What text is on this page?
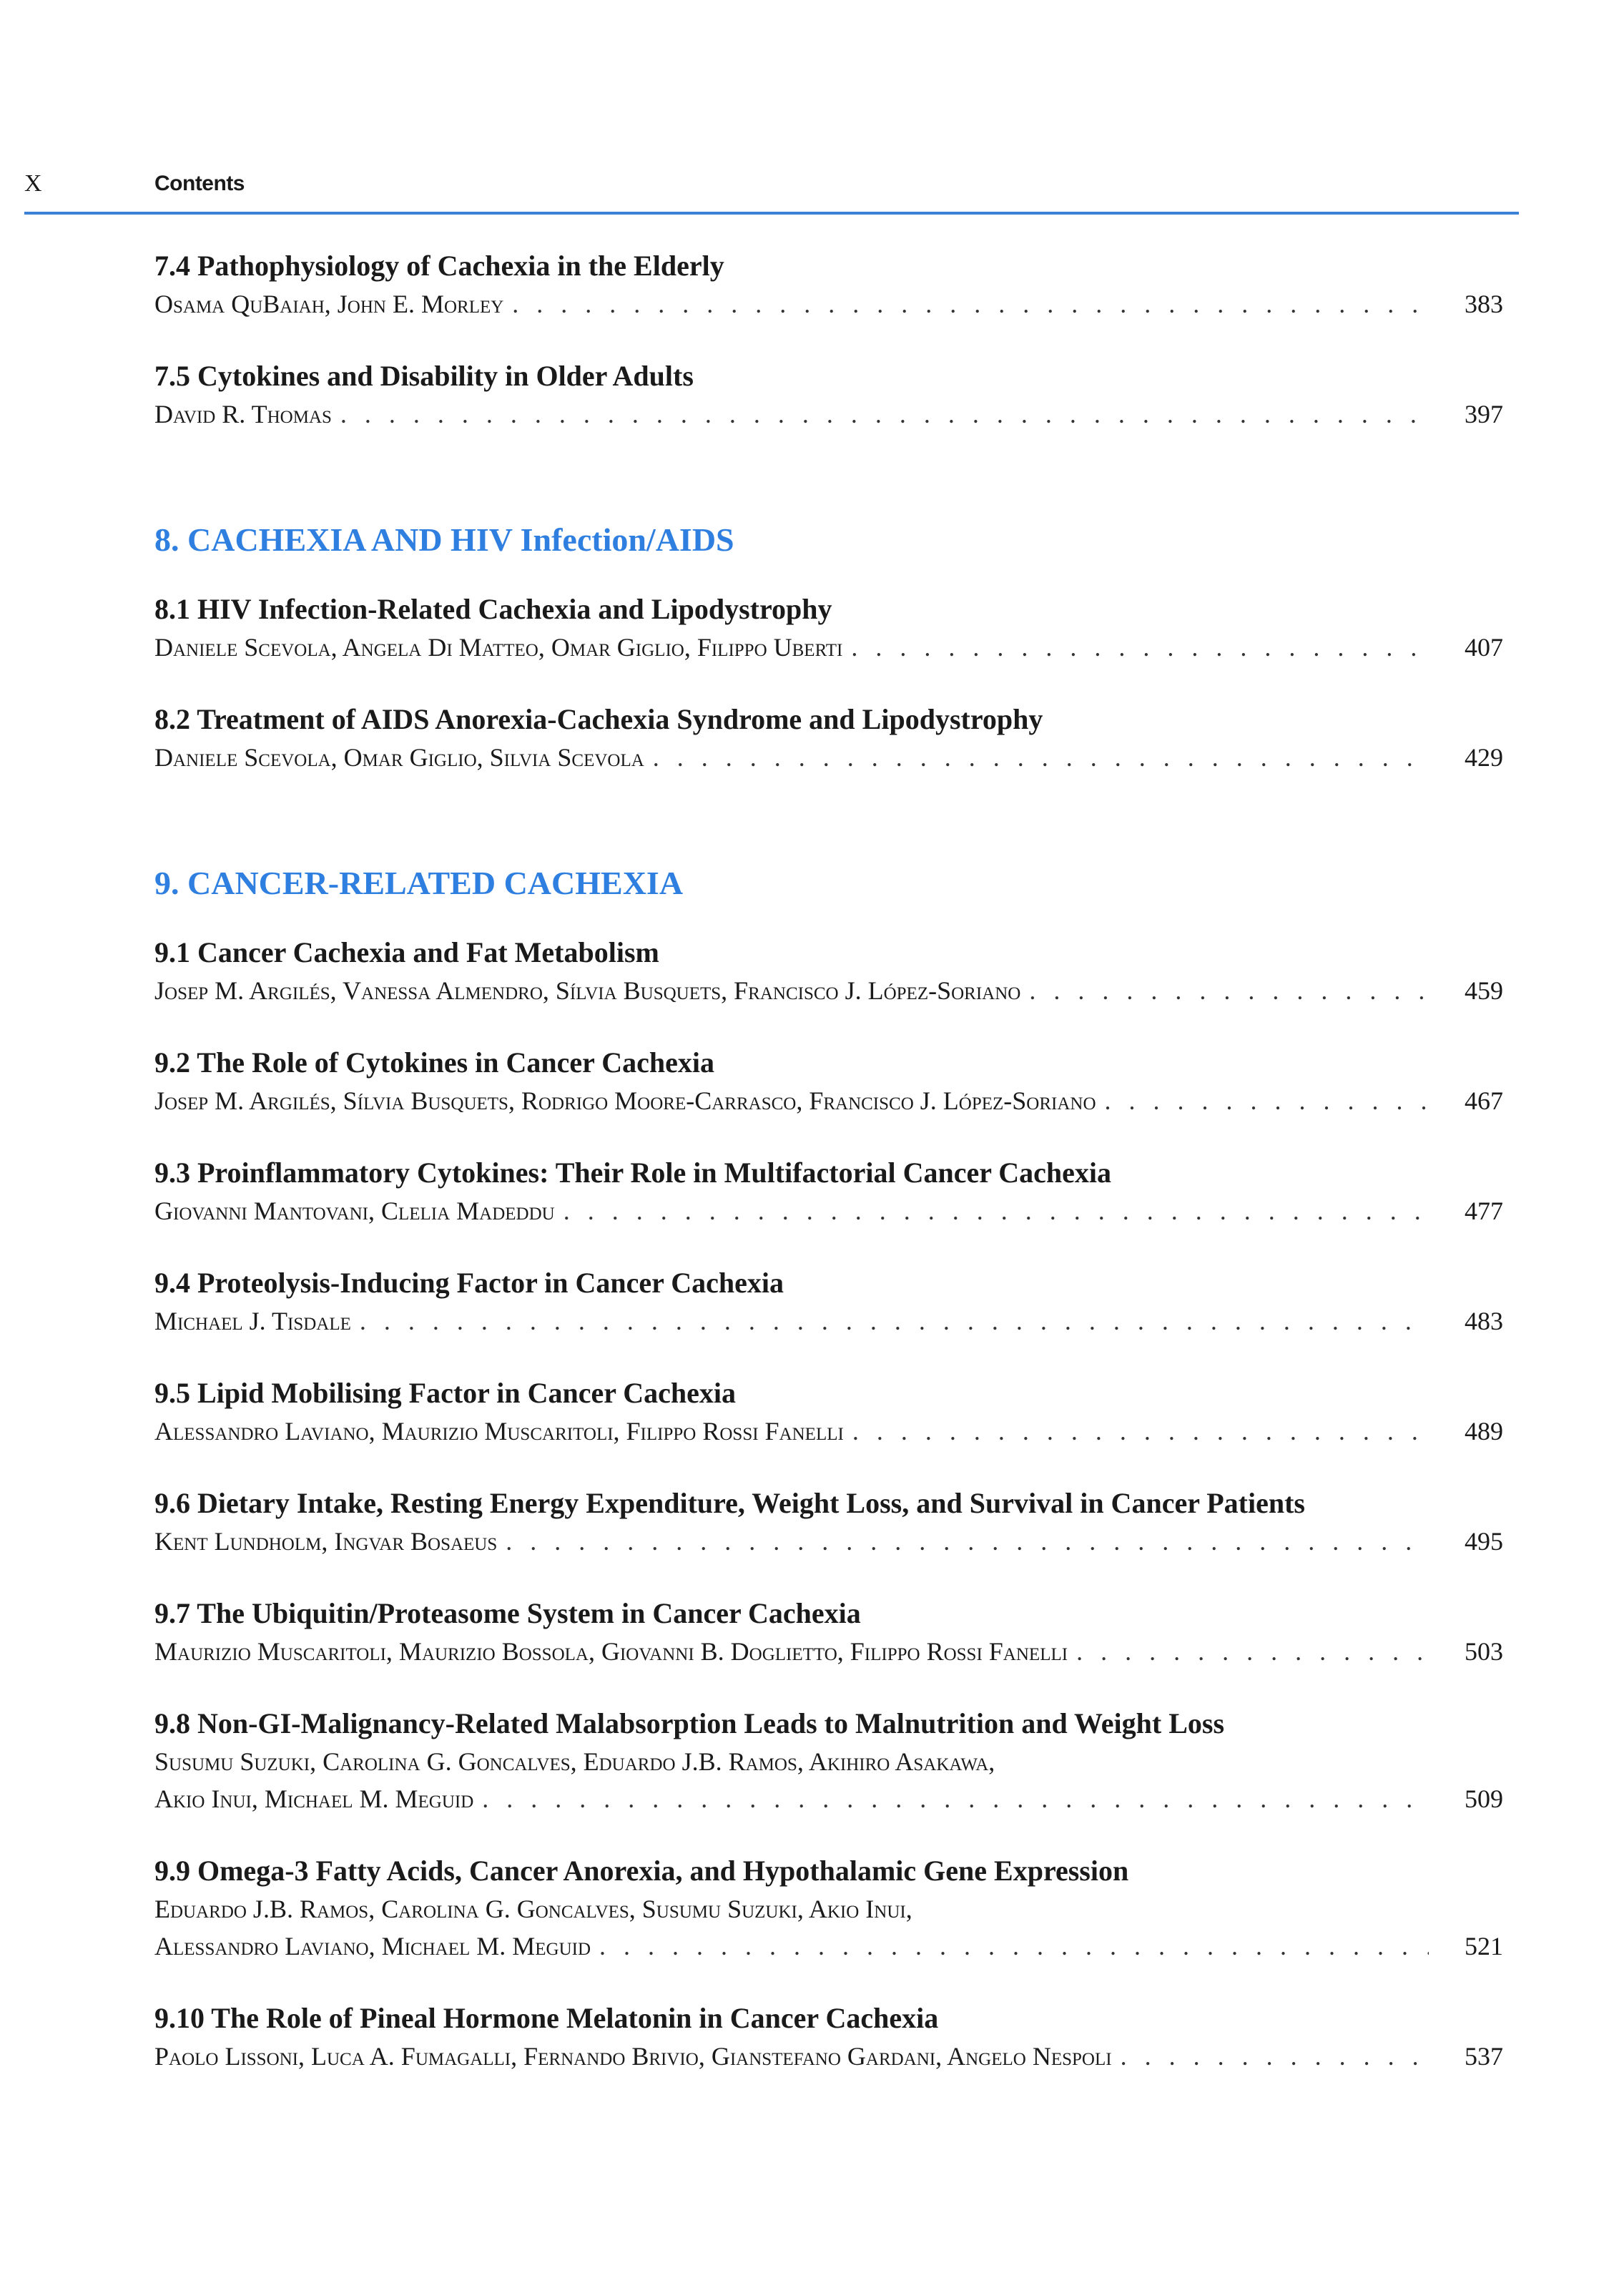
X	Contents
7.4 Pathophysiology of Cachexia in the Elderly
Osama QuBaiah, John E. Morley . . .	383
7.5 Cytokines and Disability in Older Adults
David R. Thomas . . .	397
8. CACHEXIA AND HIV Infection/AIDS
8.1 HIV Infection-Related Cachexia and Lipodystrophy
Daniele Scevola, Angela Di Matteo, Omar Giglio, Filippo Uberti . . .	407
8.2 Treatment of AIDS Anorexia-Cachexia Syndrome and Lipodystrophy
Daniele Scevola, Omar Giglio, Silvia Scevola . . .	429
9. CANCER-RELATED CACHEXIA
9.1 Cancer Cachexia and Fat Metabolism
Josep M. Argilés, Vanessa Almendro, Sílvia Busquets, Francisco J. López-Soriano . . .	459
9.2 The Role of Cytokines in Cancer Cachexia
Josep M. Argilés, Sílvia Busquets, Rodrigo Moore-Carrasco, Francisco J. López-Soriano . . .	467
9.3 Proinflammatory Cytokines: Their Role in Multifactorial Cancer Cachexia
Giovanni Mantovani, Clelia Madeddu . . .	477
9.4 Proteolysis-Inducing Factor in Cancer Cachexia
Michael J. Tisdale . . .	483
9.5 Lipid Mobilising Factor in Cancer Cachexia
Alessandro Laviano, Maurizio Muscaritoli, Filippo Rossi Fanelli . . .	489
9.6 Dietary Intake, Resting Energy Expenditure, Weight Loss, and Survival in Cancer Patients
Kent Lundholm, Ingvar Bosaeus . . .	495
9.7 The Ubiquitin/Proteasome System in Cancer Cachexia
Maurizio Muscaritoli, Maurizio Bossola, Giovanni B. Doglietto, Filippo Rossi Fanelli . . .	503
9.8 Non-GI-Malignancy-Related Malabsorption Leads to Malnutrition and Weight Loss
Susumu Suzuki, Carolina G. Goncalves, Eduardo J.B. Ramos, Akihiro Asakawa,
Akio Inui, Michael M. Meguid . . .	509
9.9 Omega-3 Fatty Acids, Cancer Anorexia, and Hypothalamic Gene Expression
Eduardo J.B. Ramos, Carolina G. Goncalves, Susumu Suzuki, Akio Inui,
Alessandro Laviano, Michael M. Meguid . . .	521
9.10 The Role of Pineal Hormone Melatonin in Cancer Cachexia
Paolo Lissoni, Luca A. Fumagalli, Fernando Brivio, Gianstefano Gardani, Angelo Nespoli . . .	537
